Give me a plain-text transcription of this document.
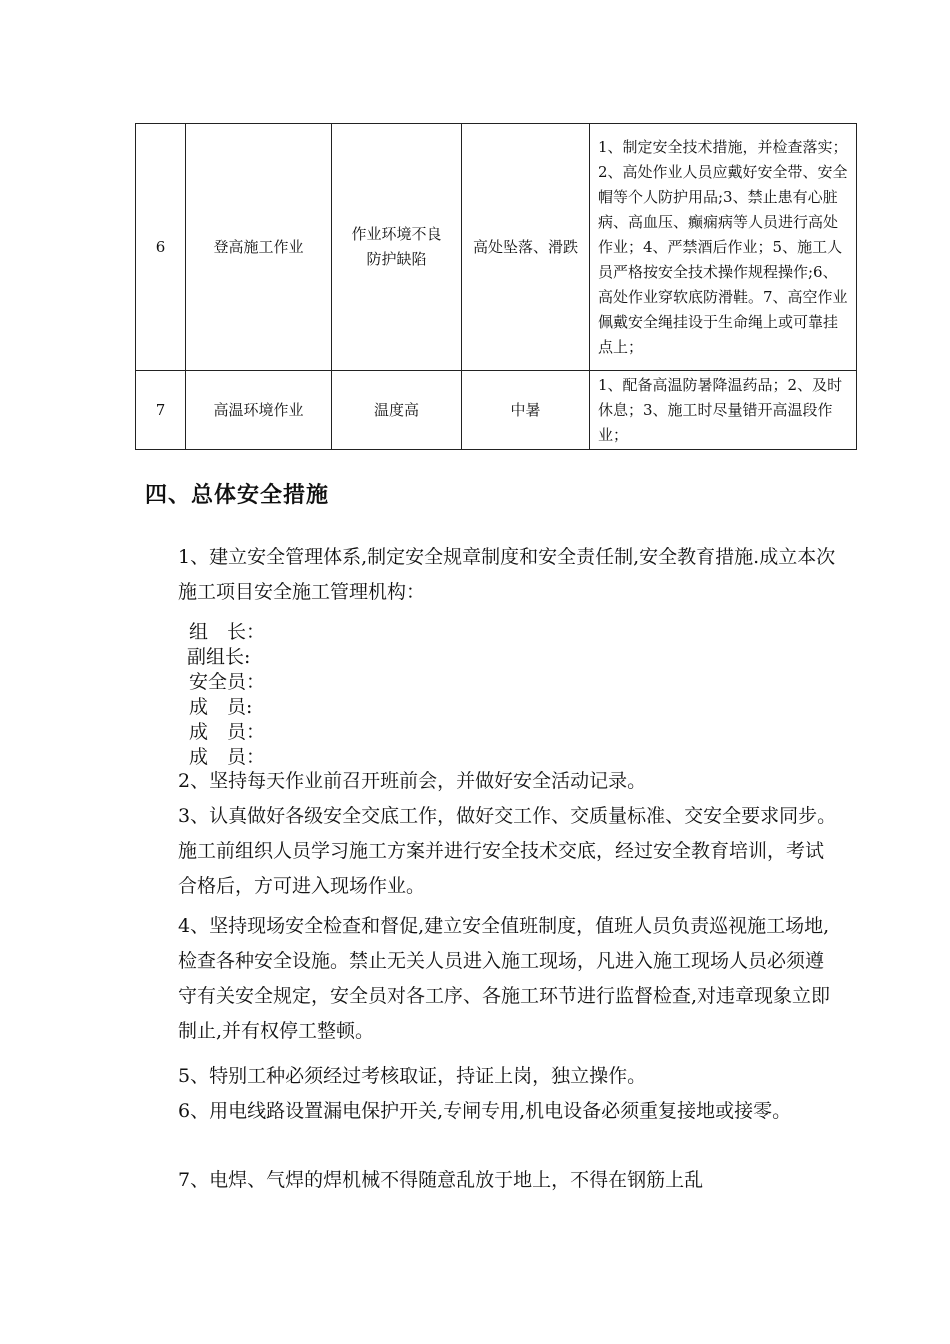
6	登高施工作业	作业环境不良防护缺陷	高处坠落、滑跌	1、制定安全技术措施，并检查落实；2、高处作业人员应戴好安全带、安全帽等个人防护用品;3、禁止患有心脏病、高血压、癫痫病等人员进行高处作业；4、严禁酒后作业；5、施工人员严格按安全技术操作规程操作;6、高处作业穿软底防滑鞋。7、高空作业佩戴安全绳挂设于生命绳上或可靠挂点上；
7	高温环境作业	温度高	中暑	1、配备高温防暑降温药品；2、及时休息；3、施工时尽量错开高温段作业；
四、总体安全措施

1、建立安全管理体系,制定安全规章制度和安全责任制,安全教育措施.成立本次施工项目安全施工管理机构：

组　长：
副组长:
安全员：
成　员:
成　员：
成　员：

2、坚持每天作业前召开班前会，并做好安全活动记录。

3、认真做好各级安全交底工作，做好交工作、交质量标准、交安全要求同步。施工前组织人员学习施工方案并进行安全技术交底，经过安全教育培训，考试合格后，方可进入现场作业。

4、坚持现场安全检查和督促,建立安全值班制度，值班人员负责巡视施工场地,检查各种安全设施。禁止无关人员进入施工现场，凡进入施工现场人员必须遵守有关安全规定，安全员对各工序、各施工环节进行监督检查,对违章现象立即制止,并有权停工整顿。

5、特别工种必须经过考核取证，持证上岗，独立操作。

6、用电线路设置漏电保护开关,专闸专用,机电设备必须重复接地或接零。

7、电焊、气焊的焊机械不得随意乱放于地上，不得在钢筋上乱
